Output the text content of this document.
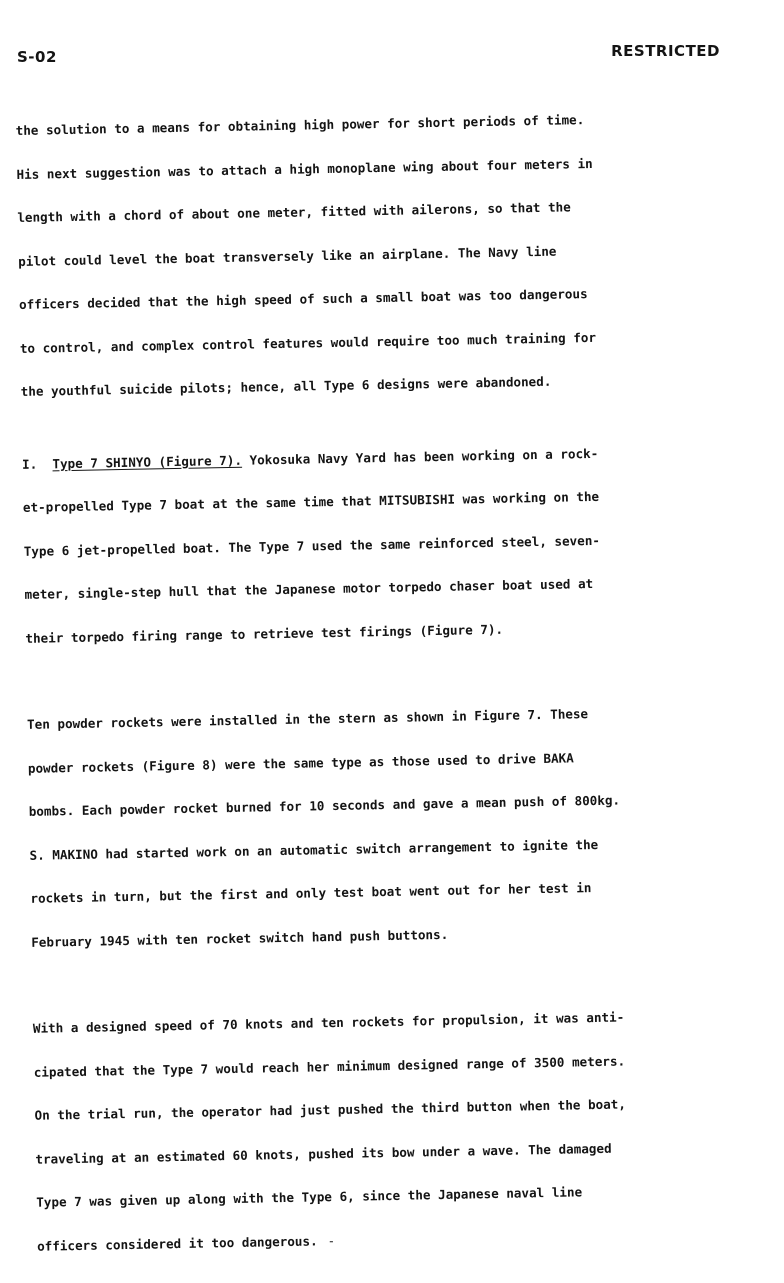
S-02	RESTRICTED

the solution to a means for obtaining high power for short periods of time.

His next suggestion was to attach a high monoplane wing about four meters in

length with a chord of about one meter, fitted with ailerons, so that the

pilot could level the boat transversely like an airplane. The Navy line

officers decided that the high speed of such a small boat was too dangerous

to control, and complex control features would require too much training for

the youthful suicide pilots; hence, all Type 6 designs were abandoned.

I. Type 7 SHINYO (Figure 7). Yokosuka Navy Yard has been working on a rock-

et-propelled Type 7 boat at the same time that MITSUBISHI was working on the

Type 6 jet-propelled boat. The Type 7 used the same reinforced steel, seven-

meter, single-step hull that the Japanese motor torpedo chaser boat used at

their torpedo firing range to retrieve test firings (Figure 7).

Ten powder rockets were installed in the stern as shown in Figure 7. These

powder rockets (Figure 8) were the same type as those used to drive BAKA

bombs. Each powder rocket burned for 10 seconds and gave a mean push of 800kg.

S. MAKINO had started work on an automatic switch arrangement to ignite the

rockets in turn, but the first and only test boat went out for her test in

February 1945 with ten rocket switch hand push buttons.

With a designed speed of 70 knots and ten rockets for propulsion, it was anti-

cipated that the Type 7 would reach her minimum designed range of 3500 meters.

On the trial run, the operator had just pushed the third button when the boat,

traveling at an estimated 60 knots, pushed its bow under a wave. The damaged

Type 7 was given up along with the Type 6, since the Japanese naval line

officers considered it too dangerous. -
